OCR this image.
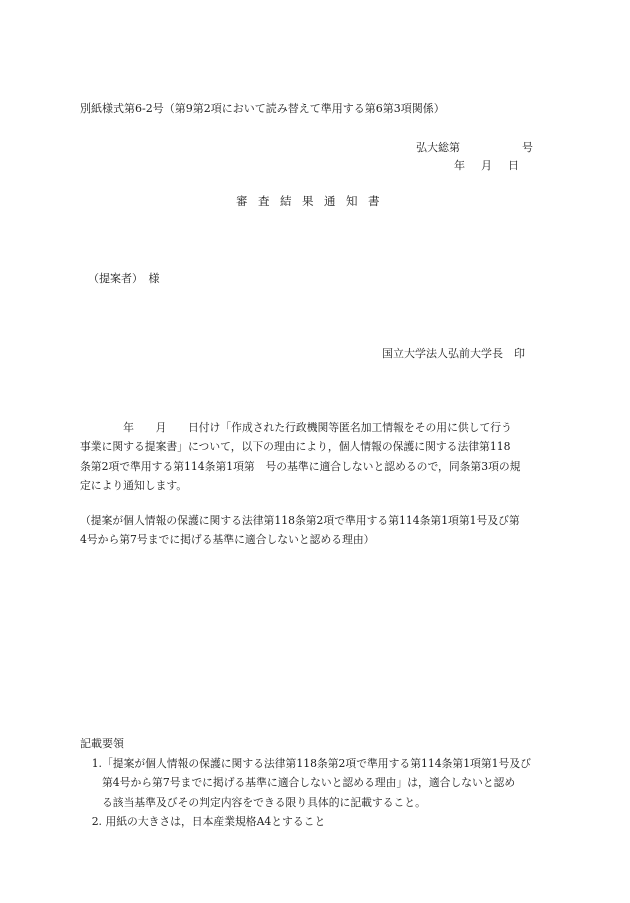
別紙様式第6-2号（第9第2項において読み替えて準用する第6第3項関係）
弘大総第	号
年 月 日
審査結果通知書
（提案者）　様
国立大学法人弘前大学長　印
　　　　年　　月　　日付け「作成された行政機関等匿名加工情報をその用に供して行う
事業に関する提案書」について，以下の理由により，個人情報の保護に関する法律第118
条第2項で準用する第114条第1項第　号の基準に適合しないと認めるので，同条第3項の規
定により通知します。
（提案が個人情報の保護に関する法律第118条第2項で準用する第114条第1項第1号及び第
4号から第7号までに掲げる基準に適合しないと認める理由）
記載要領
1.「提案が個人情報の保護に関する法律第118条第2項で準用する第114条第1項第1号及び
第4号から第7号までに掲げる基準に適合しないと認める理由」は，適合しないと認め
る該当基準及びその判定内容をできる限り具体的に記載すること。
2. 用紙の大きさは，日本産業規格A4とすること
